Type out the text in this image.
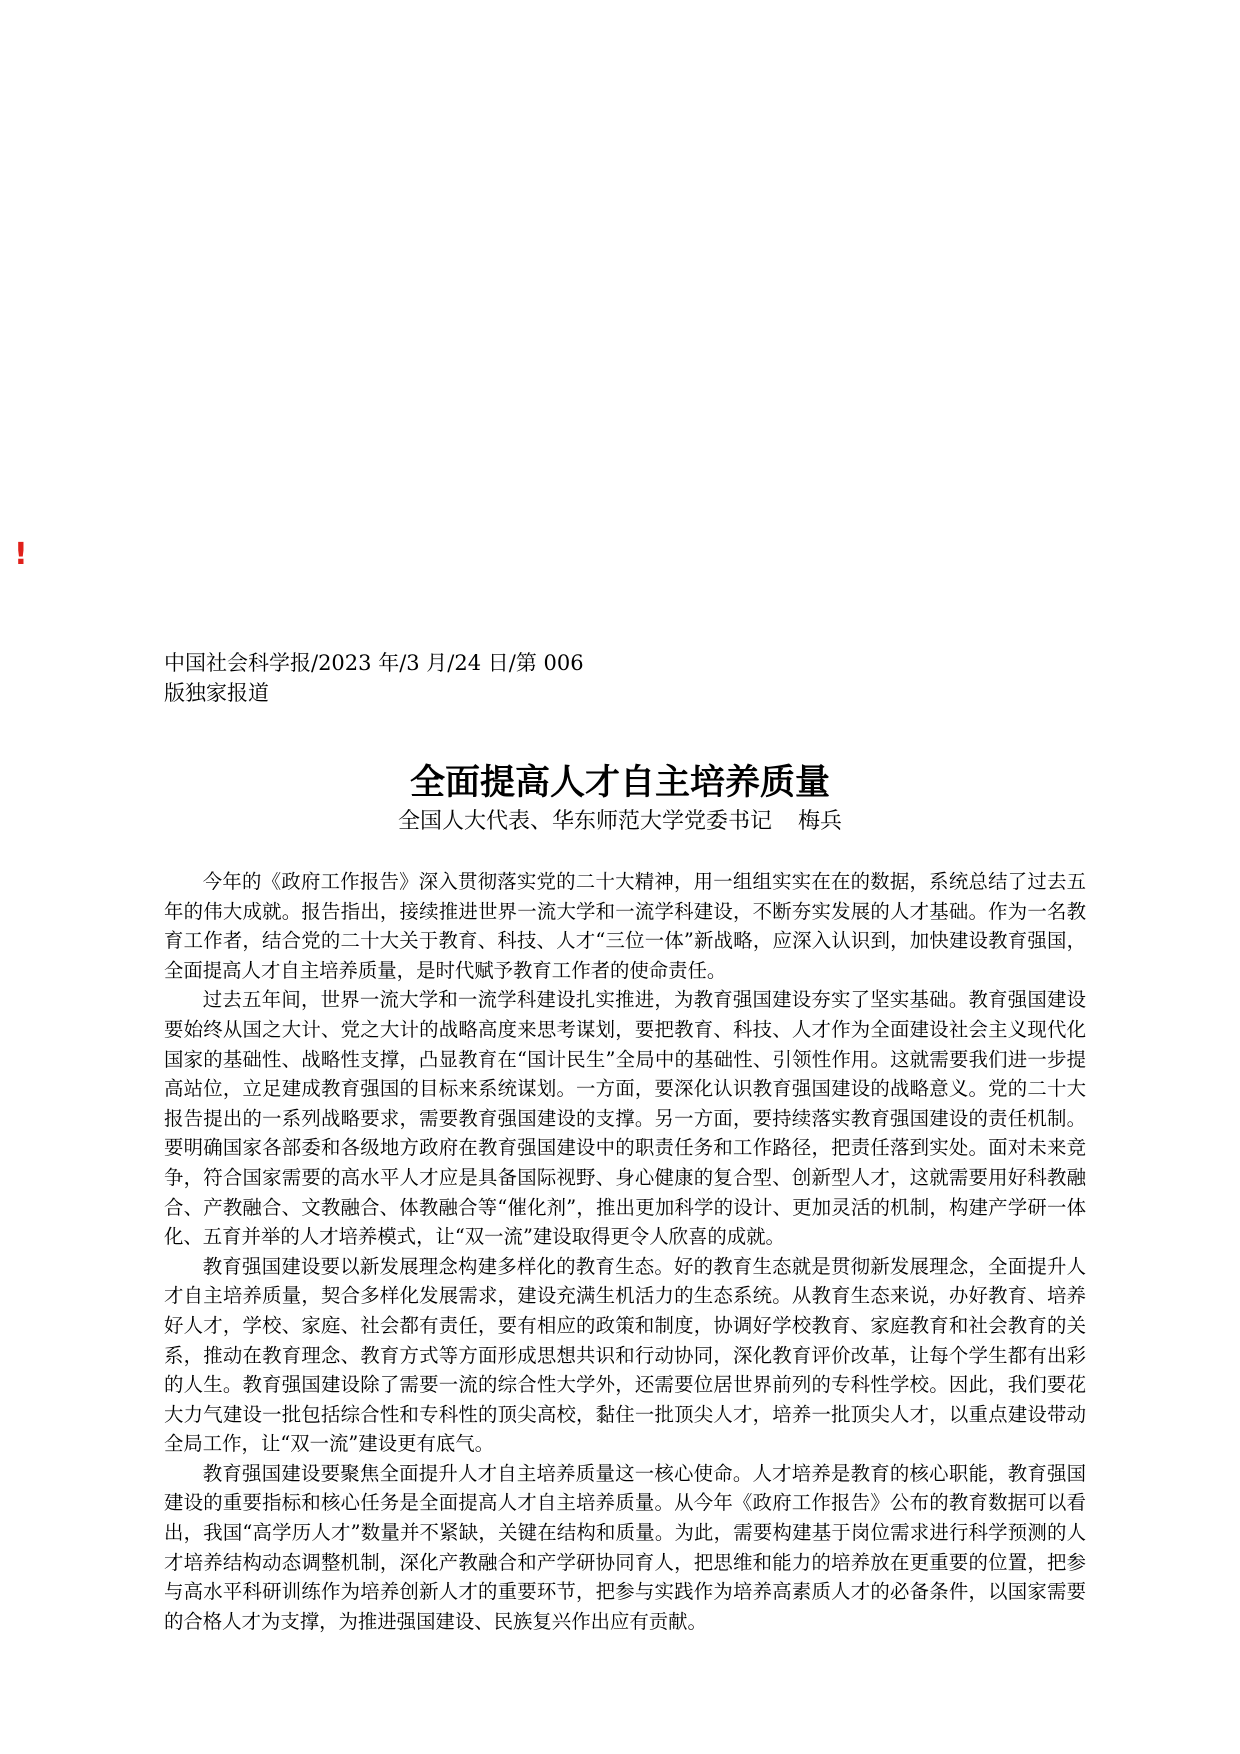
!
中国社会科学报/2023 年/3 月/24 日/第 006 版独家报道
全面提高人才自主培养质量
全国人大代表、华东师范大学党委书记 梅兵

今年的《政府工作报告》深入贯彻落实党的二十大精神，用一组组实实在在的数据，系统总结了过去五年的伟大成就。报告指出，接续推进世界一流大学和一流学科建设，不断夯实发展的人才基础。作为一名教育工作者，结合党的二十大关于教育、科技、人才“三位一体”新战略，应深入认识到，加快建设教育强国，全面提高人才自主培养质量，是时代赋予教育工作者的使命责任。

过去五年间，世界一流大学和一流学科建设扎实推进，为教育强国建设夯实了坚实基础。教育强国建设要始终从国之大计、党之大计的战略高度来思考谋划，要把教育、科技、人才作为全面建设社会主义现代化国家的基础性、战略性支撑，凸显教育在“国计民生”全局中的基础性、引领性作用。这就需要我们进一步提高站位，立足建成教育强国的目标来系统谋划。一方面，要深化认识教育强国建设的战略意义。党的二十大报告提出的一系列战略要求，需要教育强国建设的支撑。另一方面，要持续落实教育强国建设的责任机制。要明确国家各部委和各级地方政府在教育强国建设中的职责任务和工作路径，把责任落到实处。面对未来竞争，符合国家需要的高水平人才应是具备国际视野、身心健康的复合型、创新型人才，这就需要用好科教融合、产教融合、文教融合、体教融合等“催化剂”，推出更加科学的设计、更加灵活的机制，构建产学研一体化、五育并举的人才培养模式，让“双一流”建设取得更令人欣喜的成就。

教育强国建设要以新发展理念构建多样化的教育生态。好的教育生态就是贯彻新发展理念，全面提升人才自主培养质量，契合多样化发展需求，建设充满生机活力的生态系统。从教育生态来说，办好教育、培养好人才，学校、家庭、社会都有责任，要有相应的政策和制度，协调好学校教育、家庭教育和社会教育的关系，推动在教育理念、教育方式等方面形成思想共识和行动协同，深化教育评价改革，让每个学生都有出彩的人生。教育强国建设除了需要一流的综合性大学外，还需要位居世界前列的专科性学校。因此，我们要花大力气建设一批包括综合性和专科性的顶尖高校，黏住一批顶尖人才，培养一批顶尖人才，以重点建设带动全局工作，让“双一流”建设更有底气。

教育强国建设要聚焦全面提升人才自主培养质量这一核心使命。人才培养是教育的核心职能，教育强国建设的重要指标和核心任务是全面提高人才自主培养质量。从今年《政府工作报告》公布的教育数据可以看出，我国“高学历人才”数量并不紧缺，关键在结构和质量。为此，需要构建基于岗位需求进行科学预测的人才培养结构动态调整机制，深化产教融合和产学研协同育人，把思维和能力的培养放在更重要的位置，把参与高水平科研训练作为培养创新人才的重要环节，把参与实践作为培养高素质人才的必备条件，以国家需要的合格人才为支撑，为推进强国建设、民族复兴作出应有贡献。
